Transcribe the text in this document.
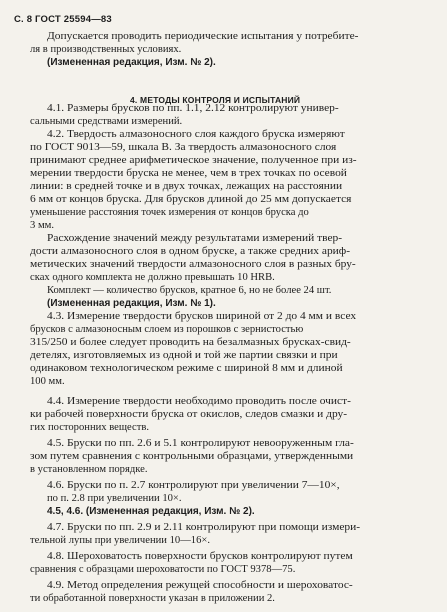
С. 8 ГОСТ 25594—83
4. МЕТОДЫ КОНТРОЛЯ И ИСПЫТАНИЙ
Допускается проводить периодические испытания у потребите-
ля в производственных условиях.
(Измененная редакция, Изм. № 2).
4.1. Размеры брусков по пп. 1.1, 2.12 контролируют универ-
сальными средствами измерений.
4.2. Твердость алмазоносного слоя каждого бруска измеряют
по ГОСТ 9013—59, шкала В. За твердость алмазоносного слоя
принимают среднее арифметическое значение, полученное при из-
мерении твердости бруска не менее, чем в трех точках по осевой
линии: в средней точке и в двух точках, лежащих на расстоянии
6 мм от концов бруска. Для брусков длиной до 25 мм допускается
уменьшение расстояния точек измерения от концов бруска до
3 мм.
Расхождение значений между результатами измерений твер-
дости алмазоносного слоя в одном бруске, а также средних ариф-
метических значений твердости алмазоносного слоя в разных бру-
сках одного комплекта не должно превышать 10 HRB.
Комплект — количество брусков, кратное 6, но не более 24 шт.
(Измененная редакция, Изм. № 1).
4.3. Измерение твердости брусков шириной от 2 до 4 мм и всех
брусков с алмазоносным слоем из порошков с зернистостью
315/250 и более следует проводить на безалмазных брусках-свид-
детелях, изготовляемых из одной и той же партии связки и при
одинаковом технологическом режиме с шириной 8 мм и длиной
100 мм.
4.4. Измерение твердости необходимо проводить после очист-
ки рабочей поверхности бруска от окислов, следов смазки и дру-
гих посторонних веществ.
4.5. Бруски по пп. 2.6 и 5.1 контролируют невооруженным гла-
зом путем сравнения с контрольными образцами, утвержденными
в установленном порядке.
4.6. Бруски по п. 2.7 контролируют при увеличении 7—10×,
по п. 2.8 при увеличении 10×.
4.5, 4.6. (Измененная редакция, Изм. № 2).
4.7. Бруски по пп. 2.9 и 2.11 контролируют при помощи измери-
тельной лупы при увеличении 10—16×.
4.8. Шероховатость поверхности брусков контролируют путем
сравнения с образцами шероховатости по ГОСТ 9378—75.
4.9. Метод определения режущей способности и шероховатос-
ти обработанной поверхности указан в приложении 2.
